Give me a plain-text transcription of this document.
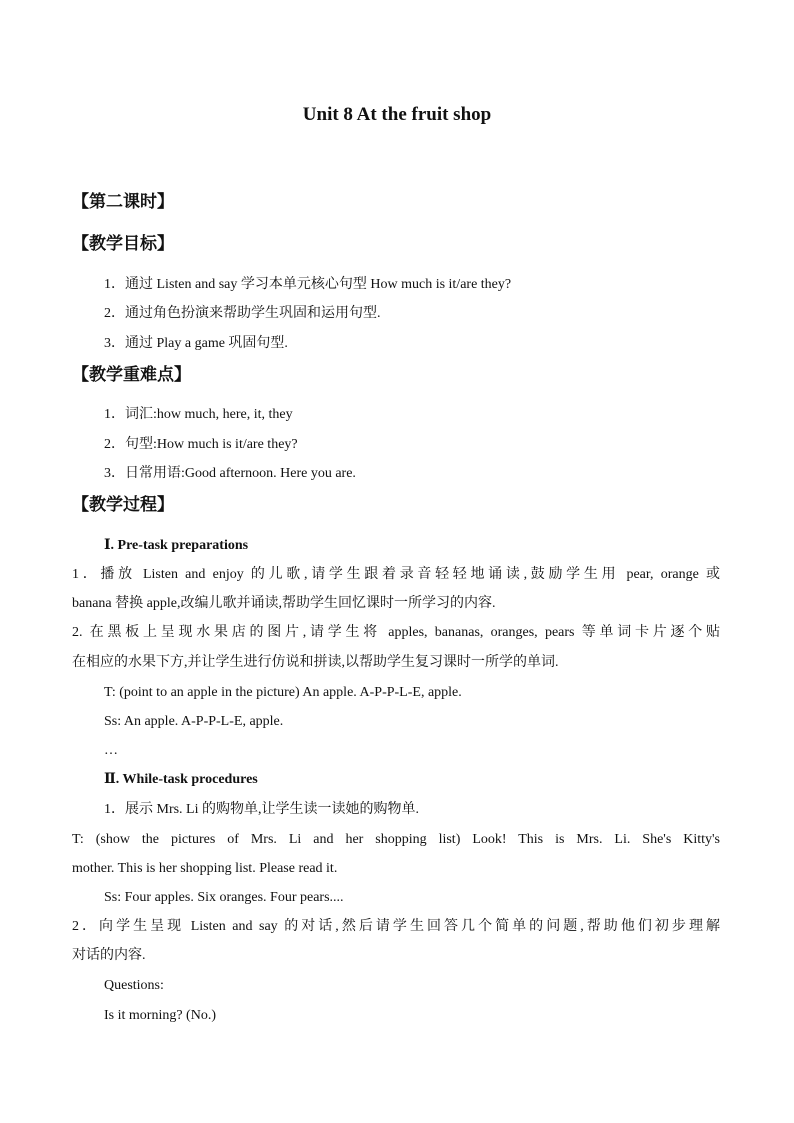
Unit 8 At the fruit shop

【第二课时】

【教学目标】

1．通过 Listen and say 学习本单元核心句型 How much is it/are they?

2．通过角色扮演来帮助学生巩固和运用句型.

3．通过 Play a game 巩固句型.

【教学重难点】

1．词汇:how much, here, it, they

2．句型:How much is it/are they?

3．日常用语:Good afternoon. Here you are.

【教学过程】

Ⅰ. Pre-task preparations

1．播放 Listen and enjoy 的儿歌,请学生跟着录音轻轻地诵读,鼓励学生用 pear, orange 或

banana 替换 apple,改编儿歌并诵读,帮助学生回忆课时一所学习的内容.

2. 在黑板上呈现水果店的图片,请学生将 apples, bananas, oranges, pears 等单词卡片逐个贴

在相应的水果下方,并让学生进行仿说和拼读,以帮助学生复习课时一所学的单词.

T: (point to an apple in the picture) An apple. A-P-P-L-E, apple.

Ss: An apple. A-P-P-L-E, apple.

…

Ⅱ. While-task procedures

1．展示 Mrs. Li 的购物单,让学生读一读她的购物单.

T: (show the pictures of Mrs. Li and her shopping list) Look! This is Mrs. Li. She's Kitty's

mother. This is her shopping list. Please read it.

Ss: Four apples. Six oranges. Four pears....

2．向学生呈现 Listen and say 的对话,然后请学生回答几个简单的问题,帮助他们初步理解

对话的内容.

Questions:

Is it morning? (No.)
